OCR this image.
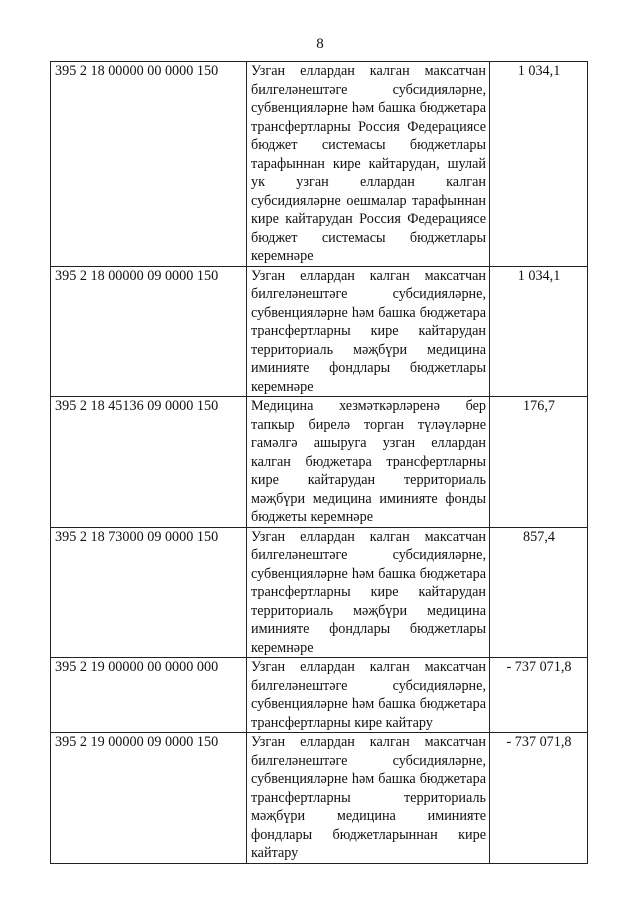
8
395 2 18 00000 00 0000 150	Узган еллардан калган максатчан билгеләнештәге субсидияләрне, субвенцияләрне һәм башка бюджетара трансфертларны Россия Федерациясе бюджет системасы бюджетлары тарафыннан кире кайтарудан, шулай ук узган еллардан калган субсидияләрне оешмалар тарафыннан кире кайтарудан Россия Федерациясе бюджет системасы бюджетлары керемнәре	1 034,1
395 2 18 00000 09 0000 150	Узган еллардан калган максатчан билгеләнештәге субсидияләрне, субвенцияләрне һәм башка бюджетара трансфертларны кире кайтарудан территориаль мәҗбүри медицина иминияте фондлары бюджетлары керемнәре	1 034,1
395 2 18 45136 09 0000 150	Медицина хезмәткәрләренә бер тапкыр бирелә торган түләүләрне гамәлгә ашыруга узган еллардан калган бюджетара трансфертларны кире кайтарудан территориаль мәҗбүри медицина иминияте фонды бюджеты керемнәре	176,7
395 2 18 73000 09 0000 150	Узган еллардан калган максатчан билгеләнештәге субсидияләрне, субвенцияләрне һәм башка бюджетара трансфертларны кире кайтарудан территориаль мәҗбүри медицина иминияте фондлары бюджетлары керемнәре	857,4
395 2 19 00000 00 0000 000	Узган еллардан калган максатчан билгеләнештәге субсидияләрне, субвенцияләрне һәм башка бюджетара трансфертларны кире кайтару	- 737 071,8
395 2 19 00000 09 0000 150	Узган еллардан калган максатчан билгеләнештәге субсидияләрне, субвенцияләрне һәм башка бюджетара трансфертларны территориаль мәҗбүри медицина иминияте фондлары бюджетларыннан кире кайтару	- 737 071,8
